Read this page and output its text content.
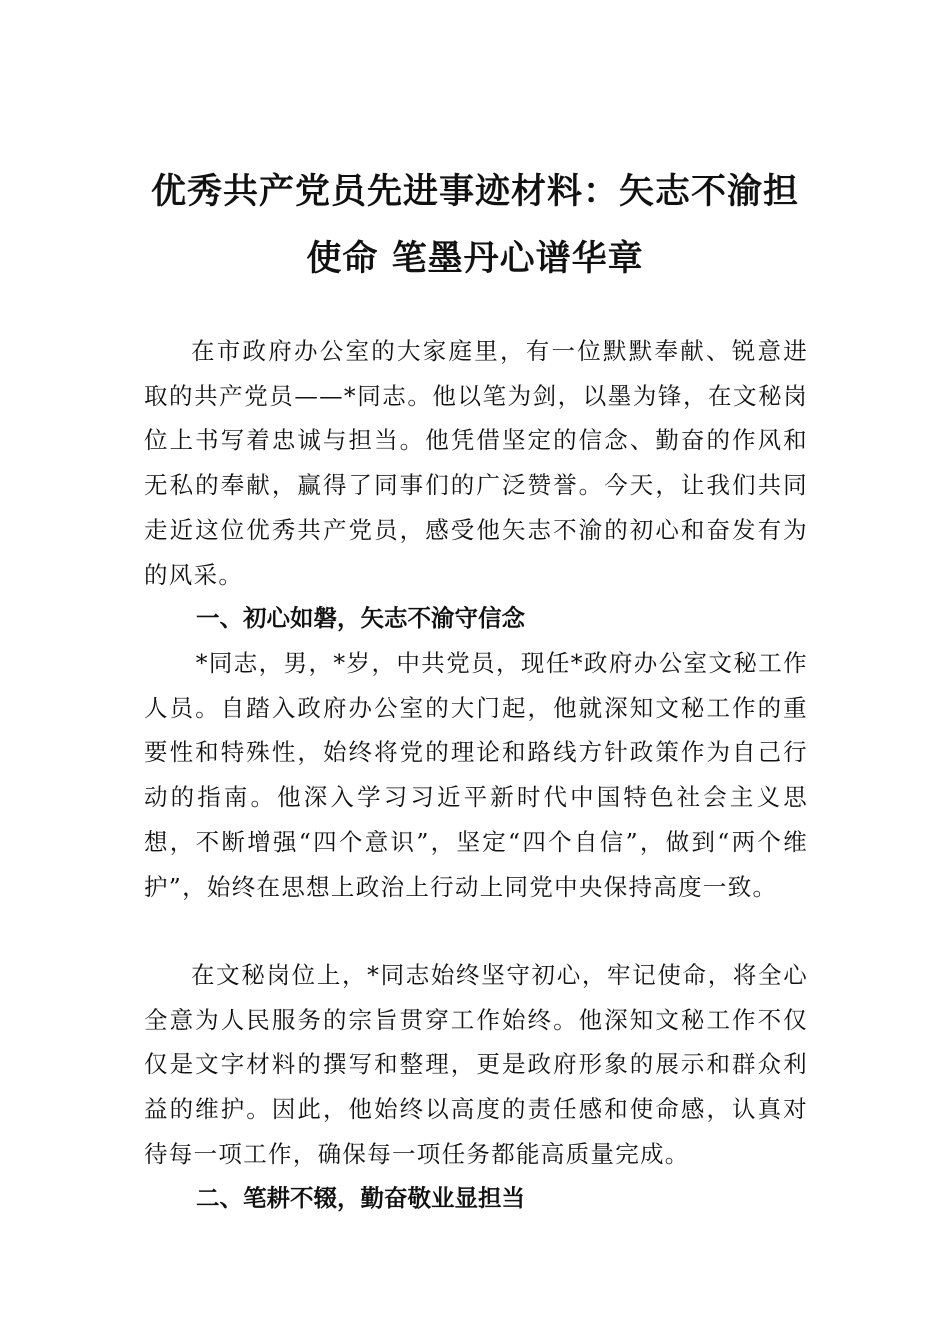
优秀共产党员先进事迹材料：矢志不渝担
使命 笔墨丹心谱华章

在市政府办公室的大家庭里，有一位默默奉献、锐意进取的共产党员——*同志。他以笔为剑，以墨为锋，在文秘岗位上书写着忠诚与担当。他凭借坚定的信念、勤奋的作风和无私的奉献，赢得了同事们的广泛赞誉。今天，让我们共同走近这位优秀共产党员，感受他矢志不渝的初心和奋发有为的风采。

一、初心如磐，矢志不渝守信念

*同志，男，*岁，中共党员，现任*政府办公室文秘工作人员。自踏入政府办公室的大门起，他就深知文秘工作的重要性和特殊性，始终将党的理论和路线方针政策作为自己行动的指南。他深入学习习近平新时代中国特色社会主义思想，不断增强“四个意识”，坚定“四个自信”，做到“两个维护”，始终在思想上政治上行动上同党中央保持高度一致。

在文秘岗位上，*同志始终坚守初心，牢记使命，将全心全意为人民服务的宗旨贯穿工作始终。他深知文秘工作不仅仅是文字材料的撰写和整理，更是政府形象的展示和群众利益的维护。因此，他始终以高度的责任感和使命感，认真对待每一项工作，确保每一项任务都能高质量完成。

二、笔耕不辍，勤奋敬业显担当
